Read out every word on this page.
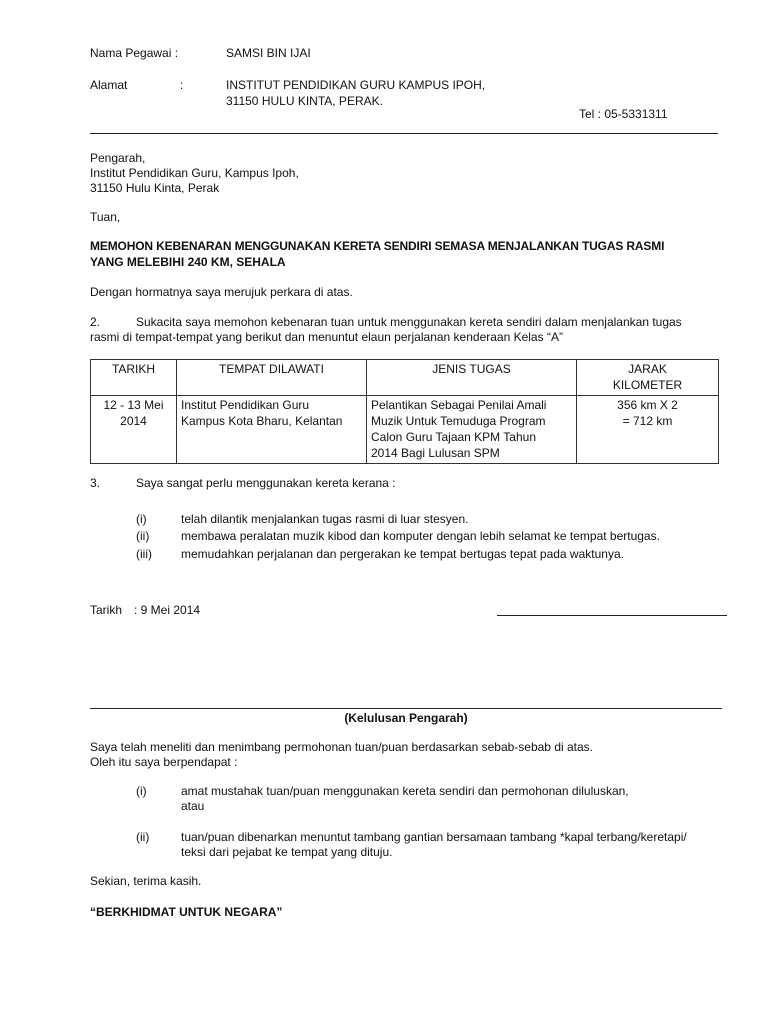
Nama Pegawai :	SAMSI BIN IJAI
Alamat	:	INSTITUT PENDIDIKAN GURU KAMPUS IPOH,
31150 HULU KINTA, PERAK.
Tel : 05-5331311
Pengarah,
Institut Pendidikan Guru, Kampus Ipoh,
31150 Hulu Kinta, Perak
Tuan,
MEMOHON KEBENARAN MENGGUNAKAN KERETA SENDIRI SEMASA MENJALANKAN TUGAS RASMI
YANG MELEBIHI 240 KM, SEHALA
Dengan hormatnya saya merujuk perkara di atas.
2.	Sukacita saya memohon kebenaran tuan untuk menggunakan kereta sendiri dalam menjalankan tugas
rasmi di tempat-tempat yang berikut dan menuntut elaun perjalanan kenderaan Kelas “A”
TARIKH	TEMPAT DILAWATI	JENIS TUGAS	JARAK
KILOMETER
12 - 13 Mei
2014	Institut Pendidikan Guru
Kampus Kota Bharu, Kelantan	Pelantikan Sebagai Penilai Amali
Muzik Untuk Temuduga Program
Calon Guru Tajaan KPM Tahun
2014 Bagi Lulusan SPM	356 km X 2
= 712 km
3.	Saya sangat perlu menggunakan kereta kerana :
(i)	telah dilantik menjalankan tugas rasmi di luar stesyen.
(ii)	membawa peralatan muzik kibod dan komputer dengan lebih selamat ke tempat bertugas.
(iii) memudahkan perjalanan dan pergerakan ke tempat bertugas tepat pada waktunya.
Tarikh : 9 Mei 2014
(Kelulusan Pengarah)
Saya telah meneliti dan menimbang permohonan tuan/puan berdasarkan sebab-sebab di atas.
Oleh itu saya berpendapat :
(i)	amat mustahak tuan/puan menggunakan kereta sendiri dan permohonan diluluskan,
atau
(ii)	tuan/puan dibenarkan menuntut tambang gantian bersamaan tambang *kapal terbang/keretapi/
teksi dari pejabat ke tempat yang dituju.
Sekian, terima kasih.
“BERKHIDMAT UNTUK NEGARA”
